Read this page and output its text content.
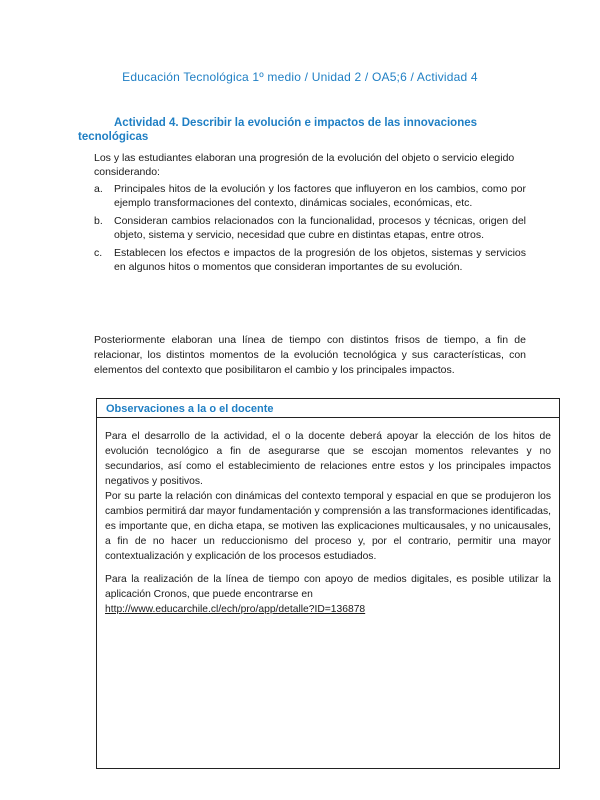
Educación Tecnológica 1º medio / Unidad 2 / OA5;6 / Actividad 4

Actividad 4. Describir la evolución e impactos de las innovaciones tecnológicas

Los y las estudiantes elaboran una progresión de la evolución del objeto o servicio elegido considerando:

a.	Principales hitos de la evolución y los factores que influyeron en los cambios, como por ejemplo transformaciones del contexto, dinámicas sociales, económicas, etc.
b.	Consideran cambios relacionados con la funcionalidad, procesos y técnicas, origen del objeto, sistema y servicio, necesidad que cubre en distintas etapas, entre otros.
c.	Establecen los efectos e impactos de la progresión de los objetos, sistemas y servicios en algunos hitos o momentos que consideran importantes de su evolución.

Posteriormente elaboran una línea de tiempo con distintos frisos de tiempo, a fin de relacionar, los distintos momentos de la evolución tecnológica y sus características, con elementos del contexto que posibilitaron el cambio y los principales impactos.

Observaciones a la o el docente

Para el desarrollo de la actividad, el o la docente deberá apoyar la elección de los hitos de evolución tecnológico a fin de asegurarse que se escojan momentos relevantes y no secundarios, así como el establecimiento de relaciones entre estos y los principales impactos negativos y positivos.

Por su parte la relación con dinámicas del contexto temporal y espacial en que se produjeron los cambios permitirá dar mayor fundamentación y comprensión a las transformaciones identificadas, es importante que, en dicha etapa, se motiven las explicaciones multicausales, y no unicausales, a fin de no hacer un reduccionismo del proceso y, por el contrario, permitir una mayor contextualización y explicación de los procesos estudiados.

Para la realización de la línea de tiempo con apoyo de medios digitales, es posible utilizar la aplicación Cronos, que puede encontrarse en

http://www.educarchile.cl/ech/pro/app/detalle?ID=136878
